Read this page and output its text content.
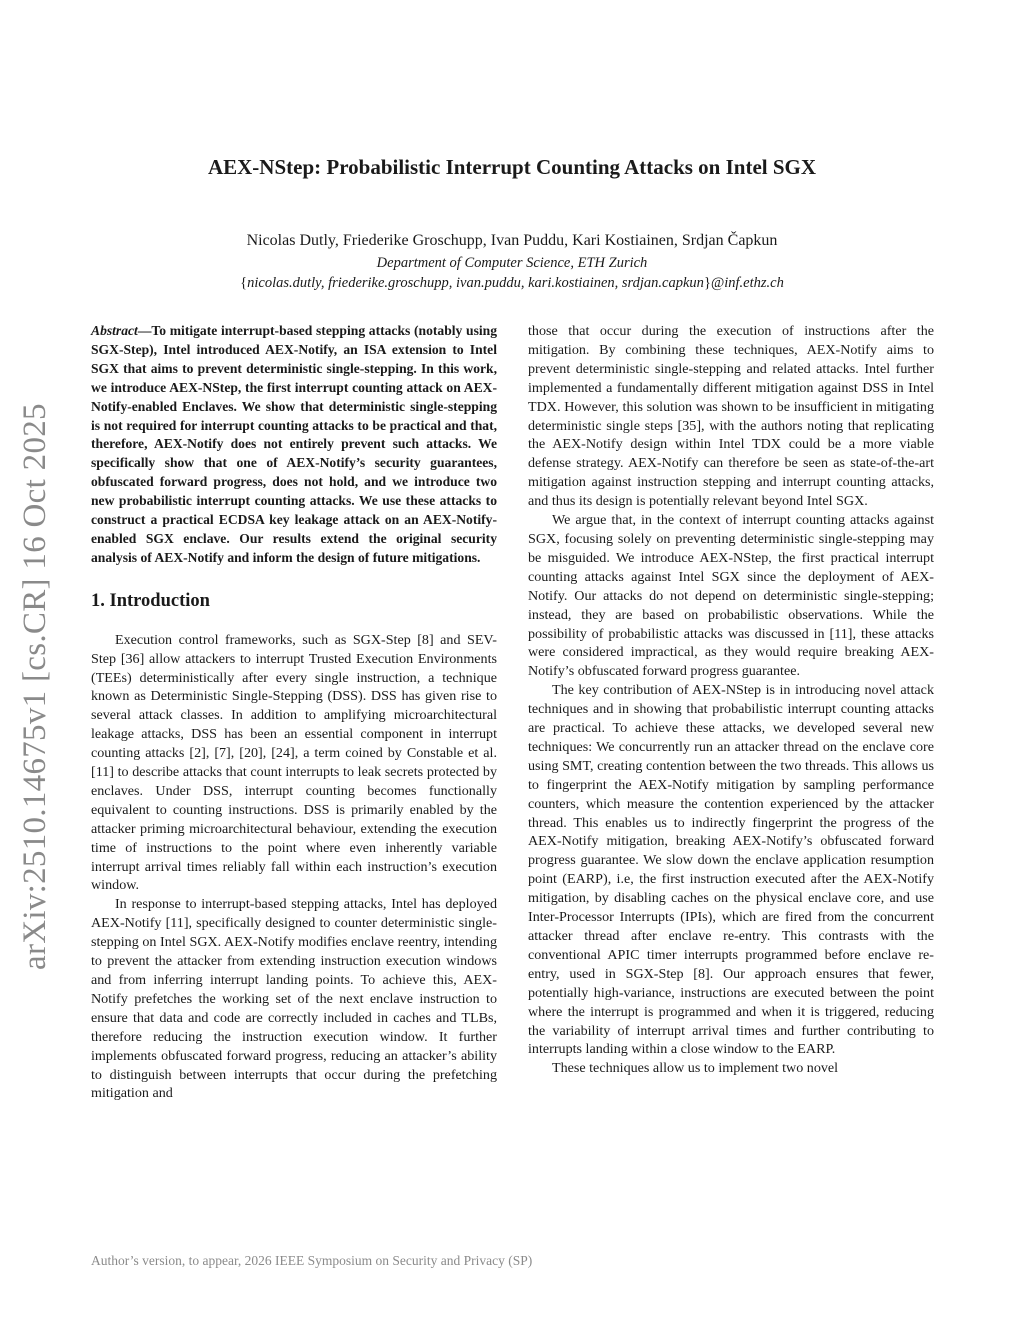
arXiv:2510.14675v1 [cs.CR] 16 Oct 2025
AEX-NStep: Probabilistic Interrupt Counting Attacks on Intel SGX
Nicolas Dutly, Friederike Groschupp, Ivan Puddu, Kari Kostiainen, Srdjan Čapkun
Department of Computer Science, ETH Zurich
{nicolas.dutly, friederike.groschupp, ivan.puddu, kari.kostiainen, srdjan.capkun}@inf.ethz.ch

Abstract—To mitigate interrupt-based stepping attacks (notably using SGX-Step), Intel introduced AEX-Notify, an ISA extension to Intel SGX that aims to prevent deterministic single-stepping. In this work, we introduce AEX-NStep, the first interrupt counting attack on AEX-Notify-enabled Enclaves. We show that deterministic single-stepping is not required for interrupt counting attacks to be practical and that, therefore, AEX-Notify does not entirely prevent such attacks. We specifically show that one of AEX-Notify’s security guarantees, obfuscated forward progress, does not hold, and we introduce two new probabilistic interrupt counting attacks. We use these attacks to construct a practical ECDSA key leakage attack on an AEX-Notify-enabled SGX enclave. Our results extend the original security analysis of AEX-Notify and inform the design of future mitigations.

1. Introduction

Execution control frameworks, such as SGX-Step [8] and SEV-Step [36] allow attackers to interrupt Trusted Execution Environments (TEEs) deterministically after every single instruction, a technique known as Deterministic Single-Stepping (DSS). DSS has given rise to several attack classes. In addition to amplifying microarchitectural leakage attacks, DSS has been an essential component in interrupt counting attacks [2], [7], [20], [24], a term coined by Constable et al. [11] to describe attacks that count interrupts to leak secrets protected by enclaves. Under DSS, interrupt counting becomes functionally equivalent to counting instructions. DSS is primarily enabled by the attacker priming microarchitectural behaviour, extending the execution time of instructions to the point where even inherently variable interrupt arrival times reliably fall within each instruction’s execution window.

In response to interrupt-based stepping attacks, Intel has deployed AEX-Notify [11], specifically designed to counter deterministic single-stepping on Intel SGX. AEX-Notify modifies enclave reentry, intending to prevent the attacker from extending instruction execution windows and from inferring interrupt landing points. To achieve this, AEX-Notify prefetches the working set of the next enclave instruction to ensure that data and code are correctly included in caches and TLBs, therefore reducing the instruction execution window. It further implements obfuscated forward progress, reducing an attacker’s ability to distinguish between interrupts that occur during the prefetching mitigation and

those that occur during the execution of instructions after the mitigation. By combining these techniques, AEX-Notify aims to prevent deterministic single-stepping and related attacks. Intel further implemented a fundamentally different mitigation against DSS in Intel TDX. However, this solution was shown to be insufficient in mitigating deterministic single steps [35], with the authors noting that replicating the AEX-Notify design within Intel TDX could be a more viable defense strategy. AEX-Notify can therefore be seen as state-of-the-art mitigation against instruction stepping and interrupt counting attacks, and thus its design is potentially relevant beyond Intel SGX.

We argue that, in the context of interrupt counting attacks against SGX, focusing solely on preventing deterministic single-stepping may be misguided. We introduce AEX-NStep, the first practical interrupt counting attacks against Intel SGX since the deployment of AEX-Notify. Our attacks do not depend on deterministic single-stepping; instead, they are based on probabilistic observations. While the possibility of probabilistic attacks was discussed in [11], these attacks were considered impractical, as they would require breaking AEX-Notify’s obfuscated forward progress guarantee.

The key contribution of AEX-NStep is in introducing novel attack techniques and in showing that probabilistic interrupt counting attacks are practical. To achieve these attacks, we developed several new techniques: We concurrently run an attacker thread on the enclave core using SMT, creating contention between the two threads. This allows us to fingerprint the AEX-Notify mitigation by sampling performance counters, which measure the contention experienced by the attacker thread. This enables us to indirectly fingerprint the progress of the AEX-Notify mitigation, breaking AEX-Notify’s obfuscated forward progress guarantee. We slow down the enclave application resumption point (EARP), i.e, the first instruction executed after the AEX-Notify mitigation, by disabling caches on the physical enclave core, and use Inter-Processor Interrupts (IPIs), which are fired from the concurrent attacker thread after enclave re-entry. This contrasts with the conventional APIC timer interrupts programmed before enclave re-entry, used in SGX-Step [8]. Our approach ensures that fewer, potentially high-variance, instructions are executed between the point where the interrupt is programmed and when it is triggered, reducing the variability of interrupt arrival times and further contributing to interrupts landing within a close window to the EARP.

These techniques allow us to implement two novel

Author’s version, to appear, 2026 IEEE Symposium on Security and Privacy (SP)
